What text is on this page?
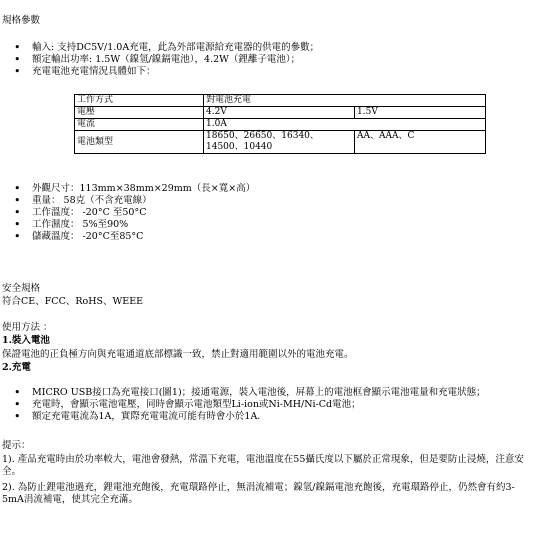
規格參數
• 輸入: 支持DC5V/1.0A充電，此為外部電源給充電器的供電的參數；
• 額定輸出功率: 1.5W（鎳氫/鎳鎘電池），4.2W（鋰離子電池）；
• 充電電池充電情況具體如下：
工作方式	對電池充電	
電壓	4.2V	1.5V
電流	1.0A	
電池類型	18650、26650、16340、14500、10440	AA、AAA、C
• 外觀尺寸：113mm×38mm×29mm（長×寬×高）
• 重量： 58克（不含充電線）
• 工作溫度： -20°C 至50°C
• 工作濕度： 5%至90%
• 儲藏溫度： -20°C至85°C
安全規格
符合CE、FCC、RoHS、WEEE
使用方法 ：
1.裝入電池
保證電池的正負極方向與充電通道底部標識一致，禁止對適用範圍以外的電池充電。
2.充電
• MICRO USB接口為充電接口(圖1)；接通電源，裝入電池後，屏幕上的電池框會顯示電池電量和充電狀態；
• 充電時，會顯示電池電壓，同時會顯示電池類型Li-ion或Ni-MH/Ni-Cd電池；
• 額定充電電流為1A，實際充電電流可能有時會小於1A.
提示：
1). 產品充電時由於功率較大，電池會發熱，常溫下充電，電池溫度在55攝氏度以下屬於正常現象，但是要防止浸燒，注意安全。
2). 為防止鋰電池過充，鋰電池充飽後，充電環路停止，無涓流補電；鎳氫/鎳鎘電池充飽後，充電環路停止，仍然會有約3-5mA涓流補電，使其完全充滿。
